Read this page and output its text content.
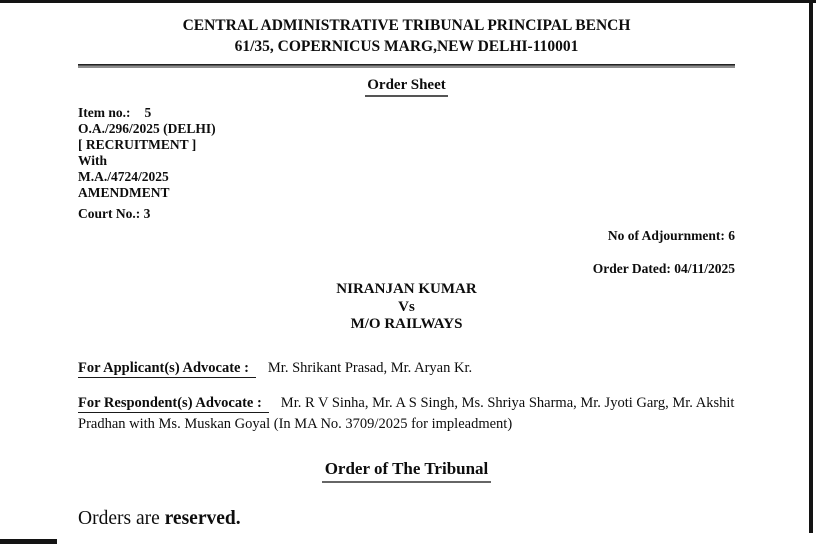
CENTRAL ADMINISTRATIVE TRIBUNAL PRINCIPAL BENCH
61/35, COPERNICUS MARG,NEW DELHI-110001
Order Sheet
Item no.: 5
O.A./296/2025 (DELHI)
[ RECRUITMENT ]
With
M.A./4724/2025
AMENDMENT
Court No.: 3
No of Adjournment: 6
Order Dated: 04/11/2025
NIRANJAN KUMAR
Vs
M/O RAILWAYS
For Applicant(s) Advocate : Mr. Shrikant Prasad, Mr. Aryan Kr.
For Respondent(s) Advocate : Mr. R V Sinha, Mr. A S Singh, Ms. Shriya Sharma, Mr. Jyoti Garg, Mr. Akshit Pradhan with Ms. Muskan Goyal (In MA No. 3709/2025 for impleadment)
Order of The Tribunal
Orders are reserved.
